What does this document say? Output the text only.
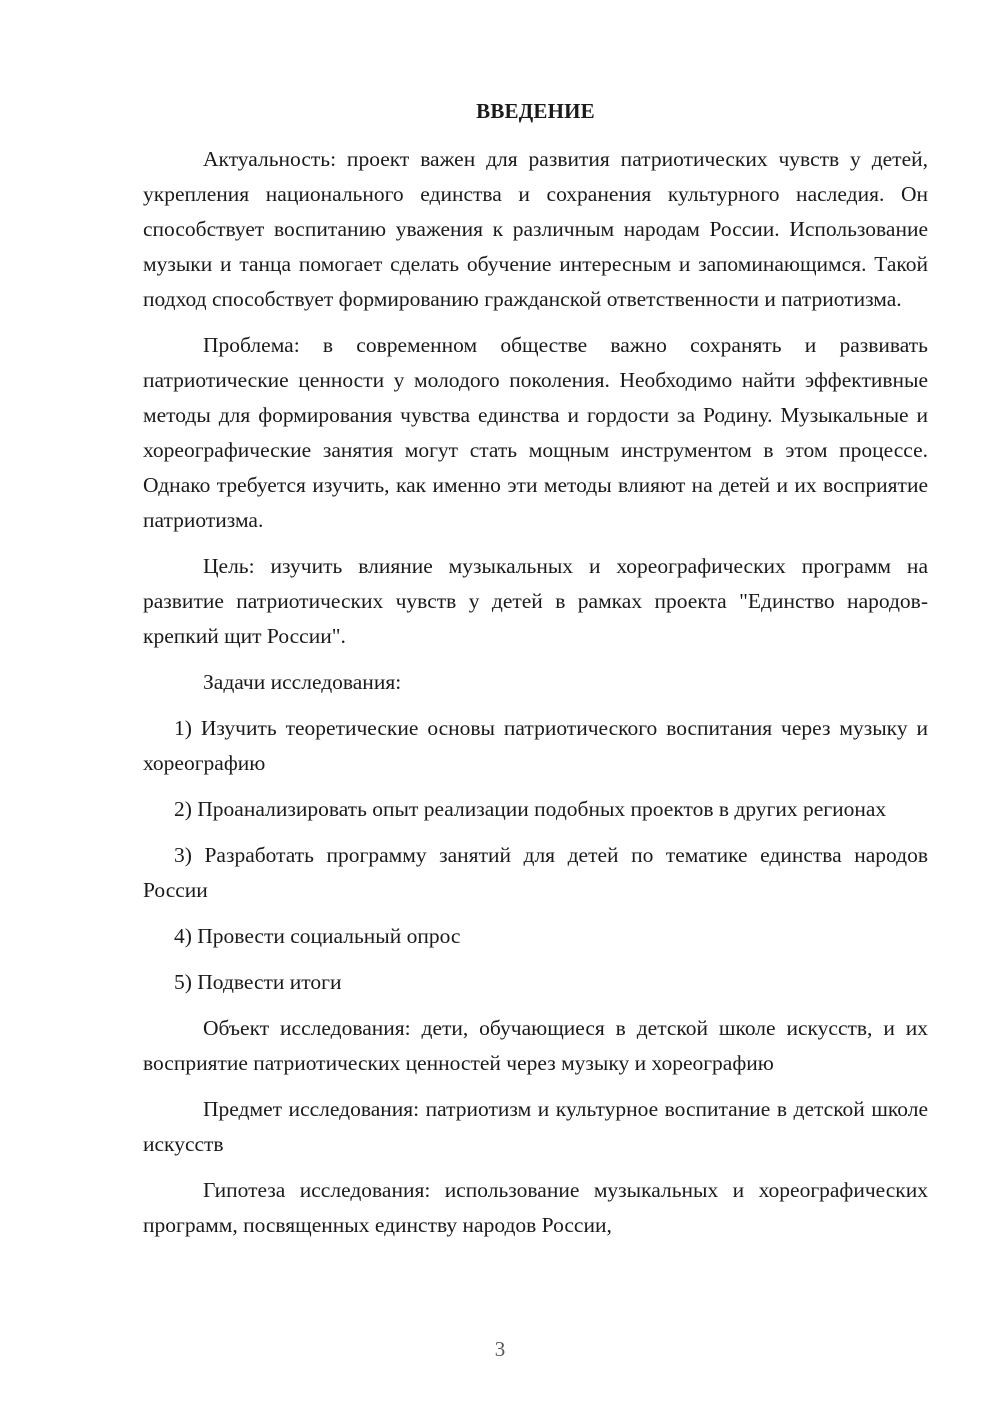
ВВЕДЕНИЕ

Актуальность: проект важен для развития патриотических чувств у детей, укрепления национального единства и сохранения культурного наследия. Он способствует воспитанию уважения к различным народам России. Использование музыки и танца помогает сделать обучение интересным и запоминающимся. Такой подход способствует формированию гражданской ответственности и патриотизма.

Проблема: в современном обществе важно сохранять и развивать патриотические ценности у молодого поколения. Необходимо найти эффективные методы для формирования чувства единства и гордости за Родину. Музыкальные и хореографические занятия могут стать мощным инструментом в этом процессе. Однако требуется изучить, как именно эти методы влияют на детей и их восприятие патриотизма.

Цель: изучить влияние музыкальных и хореографических программ на развитие патриотических чувств у детей в рамках проекта "Единство народов-крепкий щит России".

Задачи исследования:

1) Изучить теоретические основы патриотического воспитания через музыку и хореографию

2) Проанализировать опыт реализации подобных проектов в других регионах

3) Разработать программу занятий для детей по тематике единства народов России

4) Провести социальный опрос

5) Подвести итоги

Объект исследования: дети, обучающиеся в детской школе искусств, и их восприятие патриотических ценностей через музыку и хореографию

Предмет исследования: патриотизм и культурное воспитание в детской школе искусств

Гипотеза исследования: использование музыкальных и хореографических программ, посвященных единству народов России,

3
